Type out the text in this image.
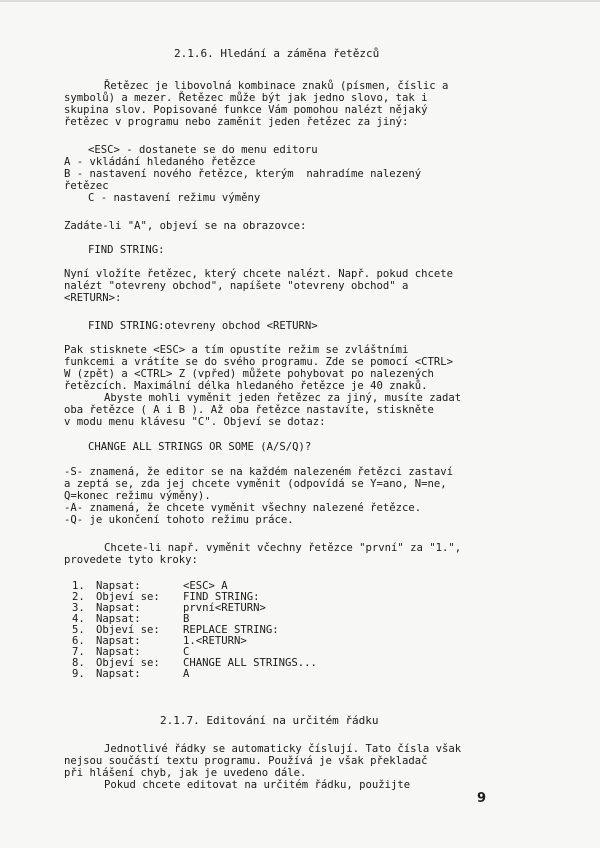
2.1.6. Hledání a záměna řetězců
Řetězec je libovolná kombinace znaků (písmen, číslic a
symbolů) a mezer. Řetězec může být jak jedno slovo, tak i
skupina slov. Popisované funkce Vám pomohou nalézt nějaký
řetězec v programu nebo zaměnit jeden řetězec za jiný:
<ESC> - dostanete se do menu editoru
A - vkládání hledaného řetězce
B - nastavení nového řetězce, kterým  nahradíme nalezený
řetězec
C - nastavení režimu výměny
Zadáte-li "A", objeví se na obrazovce:
FIND STRING:
Nyní vložíte řetězec, který chcete nalézt. Např. pokud chcete
nalézt "otevreny obchod", napíšete "otevreny obchod" a
<RETURN>:
FIND STRING:otevreny obchod <RETURN>
Pak stisknete <ESC> a tím opustíte režim se zvláštními
funkcemi a vrátíte se do svého programu. Zde se pomocí <CTRL>
W (zpět) a <CTRL> Z (vpřed) můžete pohybovat po nalezených
řetězcích. Maximální délka hledaného řetězce je 40 znaků.
Abyste mohli vyměnit jeden řetězec za jiný, musíte zadat
oba řetězce ( A i B ). Až oba řetězce nastavíte, stiskněte
v modu menu klávesu "C". Objeví se dotaz:
CHANGE ALL STRINGS OR SOME (A/S/Q)?
-S- znamená, že editor se na každém nalezeném řetězci zastaví
a zeptá se, zda jej chcete vyměnit (odpovídá se Y=ano, N=ne,
Q=konec režimu výměny).
-A- znamená, že chcete vyměnit všechny nalezené řetězce.
-Q- je ukončení tohoto režimu práce.
Chcete-li např. vyměnit včechny řetězce "první" za "1.",
provedete tyto kroky:
1. Napsat:	<ESC> A
2. Objeví se: FIND STRING:
3. Napsat:	první<RETURN>
4. Napsat:	B
5. Objeví se: REPLACE STRING:
6. Napsat:	1.<RETURN>
7. Napsat:	C
8. Objeví se: CHANGE ALL STRINGS...
9. Napsat:	A
2.1.7. Editování na určitém řádku
Jednotlivé řádky se automaticky číslují. Tato čísla však
nejsou součástí textu programu. Používá je však překladač
při hlášení chyb, jak je uvedeno dále.
Pokud chcete editovat na určitém řádku, použijte
9
